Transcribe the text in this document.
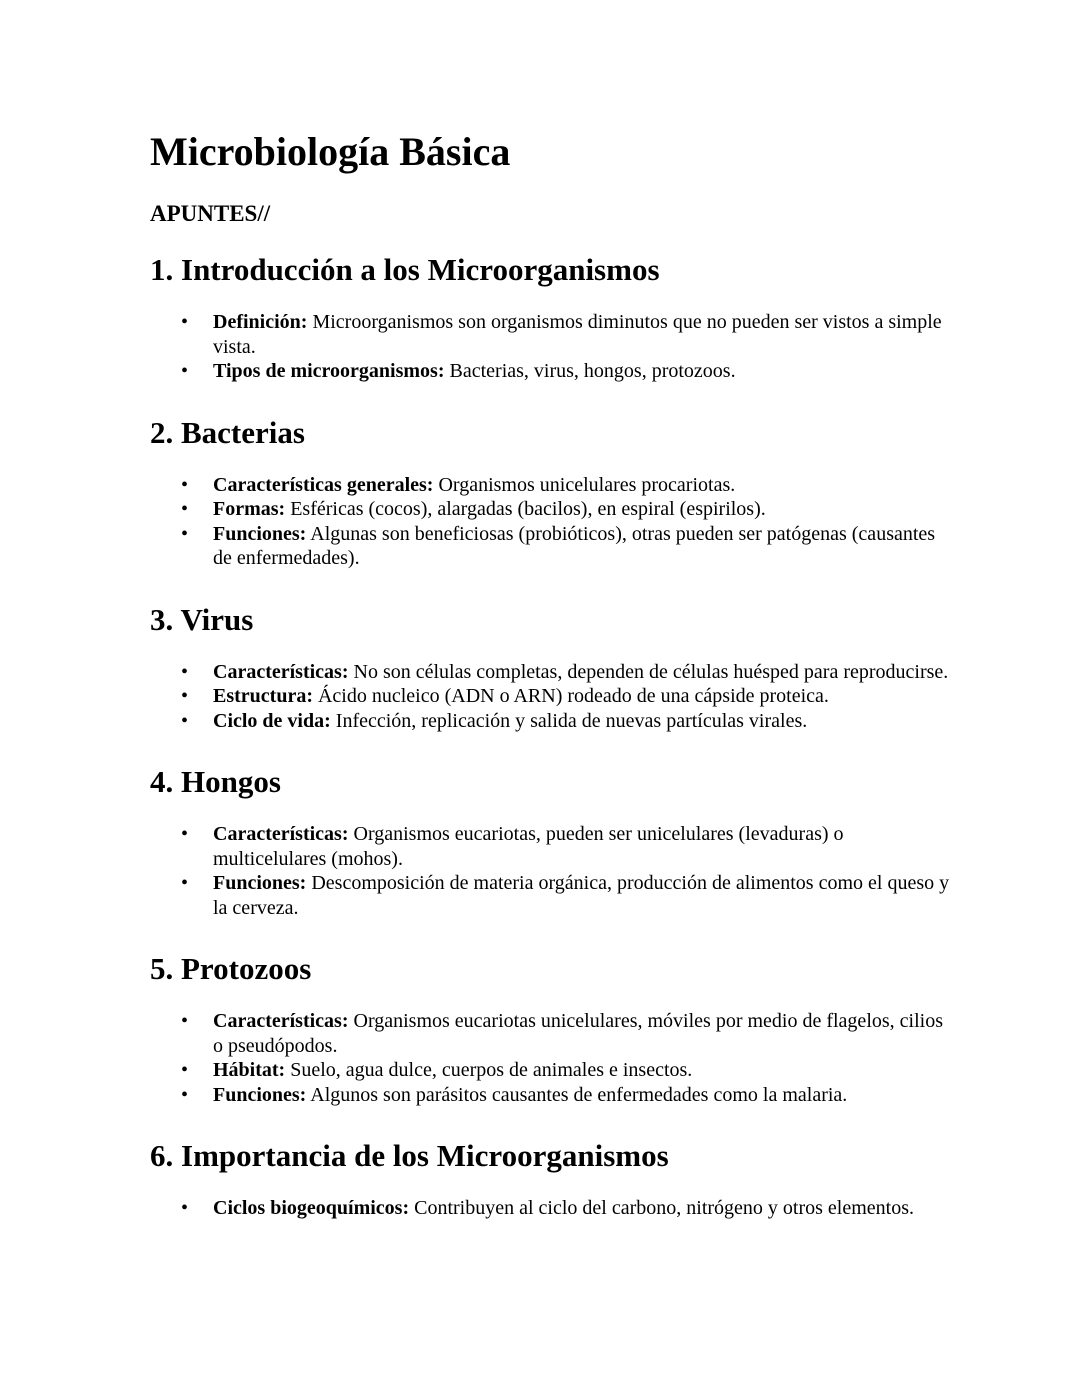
Microbiología Básica
APUNTES//
1. Introducción a los Microorganismos
• Definición: Microorganismos son organismos diminutos que no pueden ser vistos a simple vista.
• Tipos de microorganismos: Bacterias, virus, hongos, protozoos.
2. Bacterias
• Características generales: Organismos unicelulares procariotas.
• Formas: Esféricas (cocos), alargadas (bacilos), en espiral (espirilos).
• Funciones: Algunas son beneficiosas (probióticos), otras pueden ser patógenas (causantes de enfermedades).
3. Virus
• Características: No son células completas, dependen de células huésped para reproducirse.
• Estructura: Ácido nucleico (ADN o ARN) rodeado de una cápside proteica.
• Ciclo de vida: Infección, replicación y salida de nuevas partículas virales.
4. Hongos
• Características: Organismos eucariotas, pueden ser unicelulares (levaduras) o multicelulares (mohos).
• Funciones: Descomposición de materia orgánica, producción de alimentos como el queso y la cerveza.
5. Protozoos
• Características: Organismos eucariotas unicelulares, móviles por medio de flagelos, cilios o pseudópodos.
• Hábitat: Suelo, agua dulce, cuerpos de animales e insectos.
• Funciones: Algunos son parásitos causantes de enfermedades como la malaria.
6. Importancia de los Microorganismos
• Ciclos biogeoquímicos: Contribuyen al ciclo del carbono, nitrógeno y otros elementos.
